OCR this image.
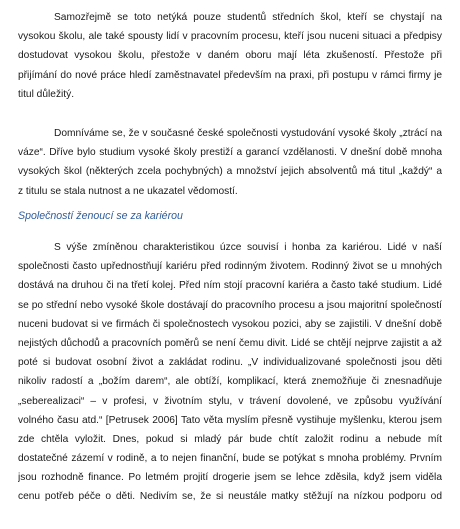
Samozřejmě se toto netýká pouze studentů středních škol, kteří se chystají na
vysokou školu, ale také spousty lidí v pracovním procesu, kteří jsou nuceni situaci a předpisy
dostudovat vysokou školu, přestože v daném oboru mají léta zkušeností. Přestože při
přijímání do nové práce hledí zaměstnavatel především na praxi, při postupu v rámci firmy je
titul důležitý.
Domníváme se, že v současné české společnosti vystudování vysoké školy „ztrácí na
váze“. Dříve bylo studium vysoké školy prestiží a garancí vzdělanosti. V dnešní době mnoha
vysokých škol (některých zcela pochybných) a množství jejich absolventů má titul „každý“ a
z titulu se stala nutnost a ne ukazatel vědomostí.
Společností ženoucí se za kariérou
S výše zmíněnou charakteristikou úzce souvisí i honba za kariérou. Lidé v naší
společnosti často upřednostňují kariéru před rodinným životem. Rodinný život se u mnohých
dostává na druhou či na třetí kolej. Před ním stojí pracovní kariéra a často také studium. Lidé
se po střední nebo vysoké škole dostávají do pracovního procesu a jsou majoritní společností
nuceni budovat si ve firmách či společnostech vysokou pozici, aby se zajistili. V dnešní době
nejistých důchodů a pracovních poměrů se není čemu divit. Lidé se chtějí nejprve zajistit a až
poté si budovat osobní život a zakládat rodinu. „V individualizované společnosti jsou děti
nikoliv radostí a „božím darem“, ale obtíží, komplikací, která znemožňuje či znesnadňuje
„seberealizaci“ – v profesi, v životním stylu, v trávení dovolené, ve způsobu využívání
volného času atd.“ [Petrusek 2006] Tato věta myslím přesně vystihuje myšlenku, kterou jsem
zde chtěla vyložit. Dnes, pokud si mladý pár bude chtít založit rodinu a nebude mít
dostatečné zázemí v rodině, a to nejen finanční, bude se potýkat s mnoha problémy. Prvním
jsou rozhodně finance. Po letmém projití drogerie jsem se lehce zděsila, když jsem viděla
cenu potřeb péče o děti. Nedivím se, že si neustále matky stěžují na nízkou podporu od
